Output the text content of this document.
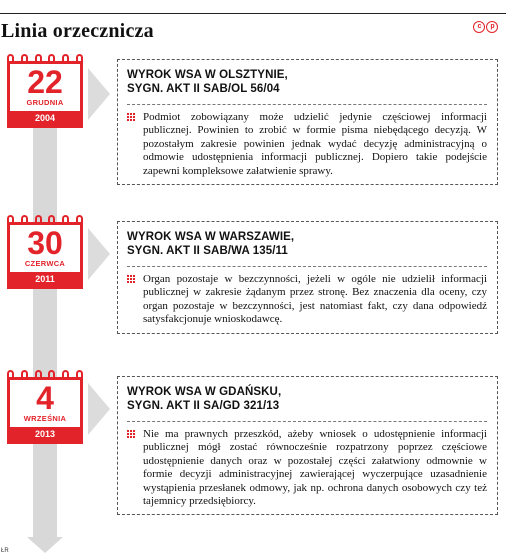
Linia orzecznicza	c p
ŁR
22
GRUDNIA
2004
WYROK WSA W OLSZTYNIE,
SYGN. AKT II SAB/OL 56/04
Podmiot zobowiązany może udzielić jedynie częściowej informacji publicznej. Powinien to zrobić w formie pisma niebędącego decyzją. W pozostałym zakresie powinien jednak wydać decyzję administracyjną o odmowie udostępnienia informacji publicznej. Dopiero takie podejście zapewni kompleksowe załatwienie sprawy.
30
CZERWCA
2011
WYROK WSA W WARSZAWIE,
SYGN. AKT II SAB/WA 135/11
Organ pozostaje w bezczynności, jeżeli w ogóle nie udzielił informacji publicznej w zakresie żądanym przez stronę. Bez znaczenia dla oceny, czy organ pozostaje w bezczynności, jest natomiast fakt, czy dana odpowiedź satysfakcjonuje wnioskodawcę.
4
WRZEŚNIA
2013
WYROK WSA W GDAŃSKU,
SYGN. AKT II SA/GD 321/13
Nie ma prawnych przeszkód, ażeby wniosek o udostępnienie informacji publicznej mógł zostać równocześnie rozpatrzony poprzez częściowe udostępnienie danych oraz w pozostałej części załatwiony odmownie w formie decyzji administracyjnej zawierającej wyczerpujące uzasadnienie wystąpienia przesłanek odmowy, jak np. ochrona danych osobowych czy też tajemnicy przedsiębiorcy.
